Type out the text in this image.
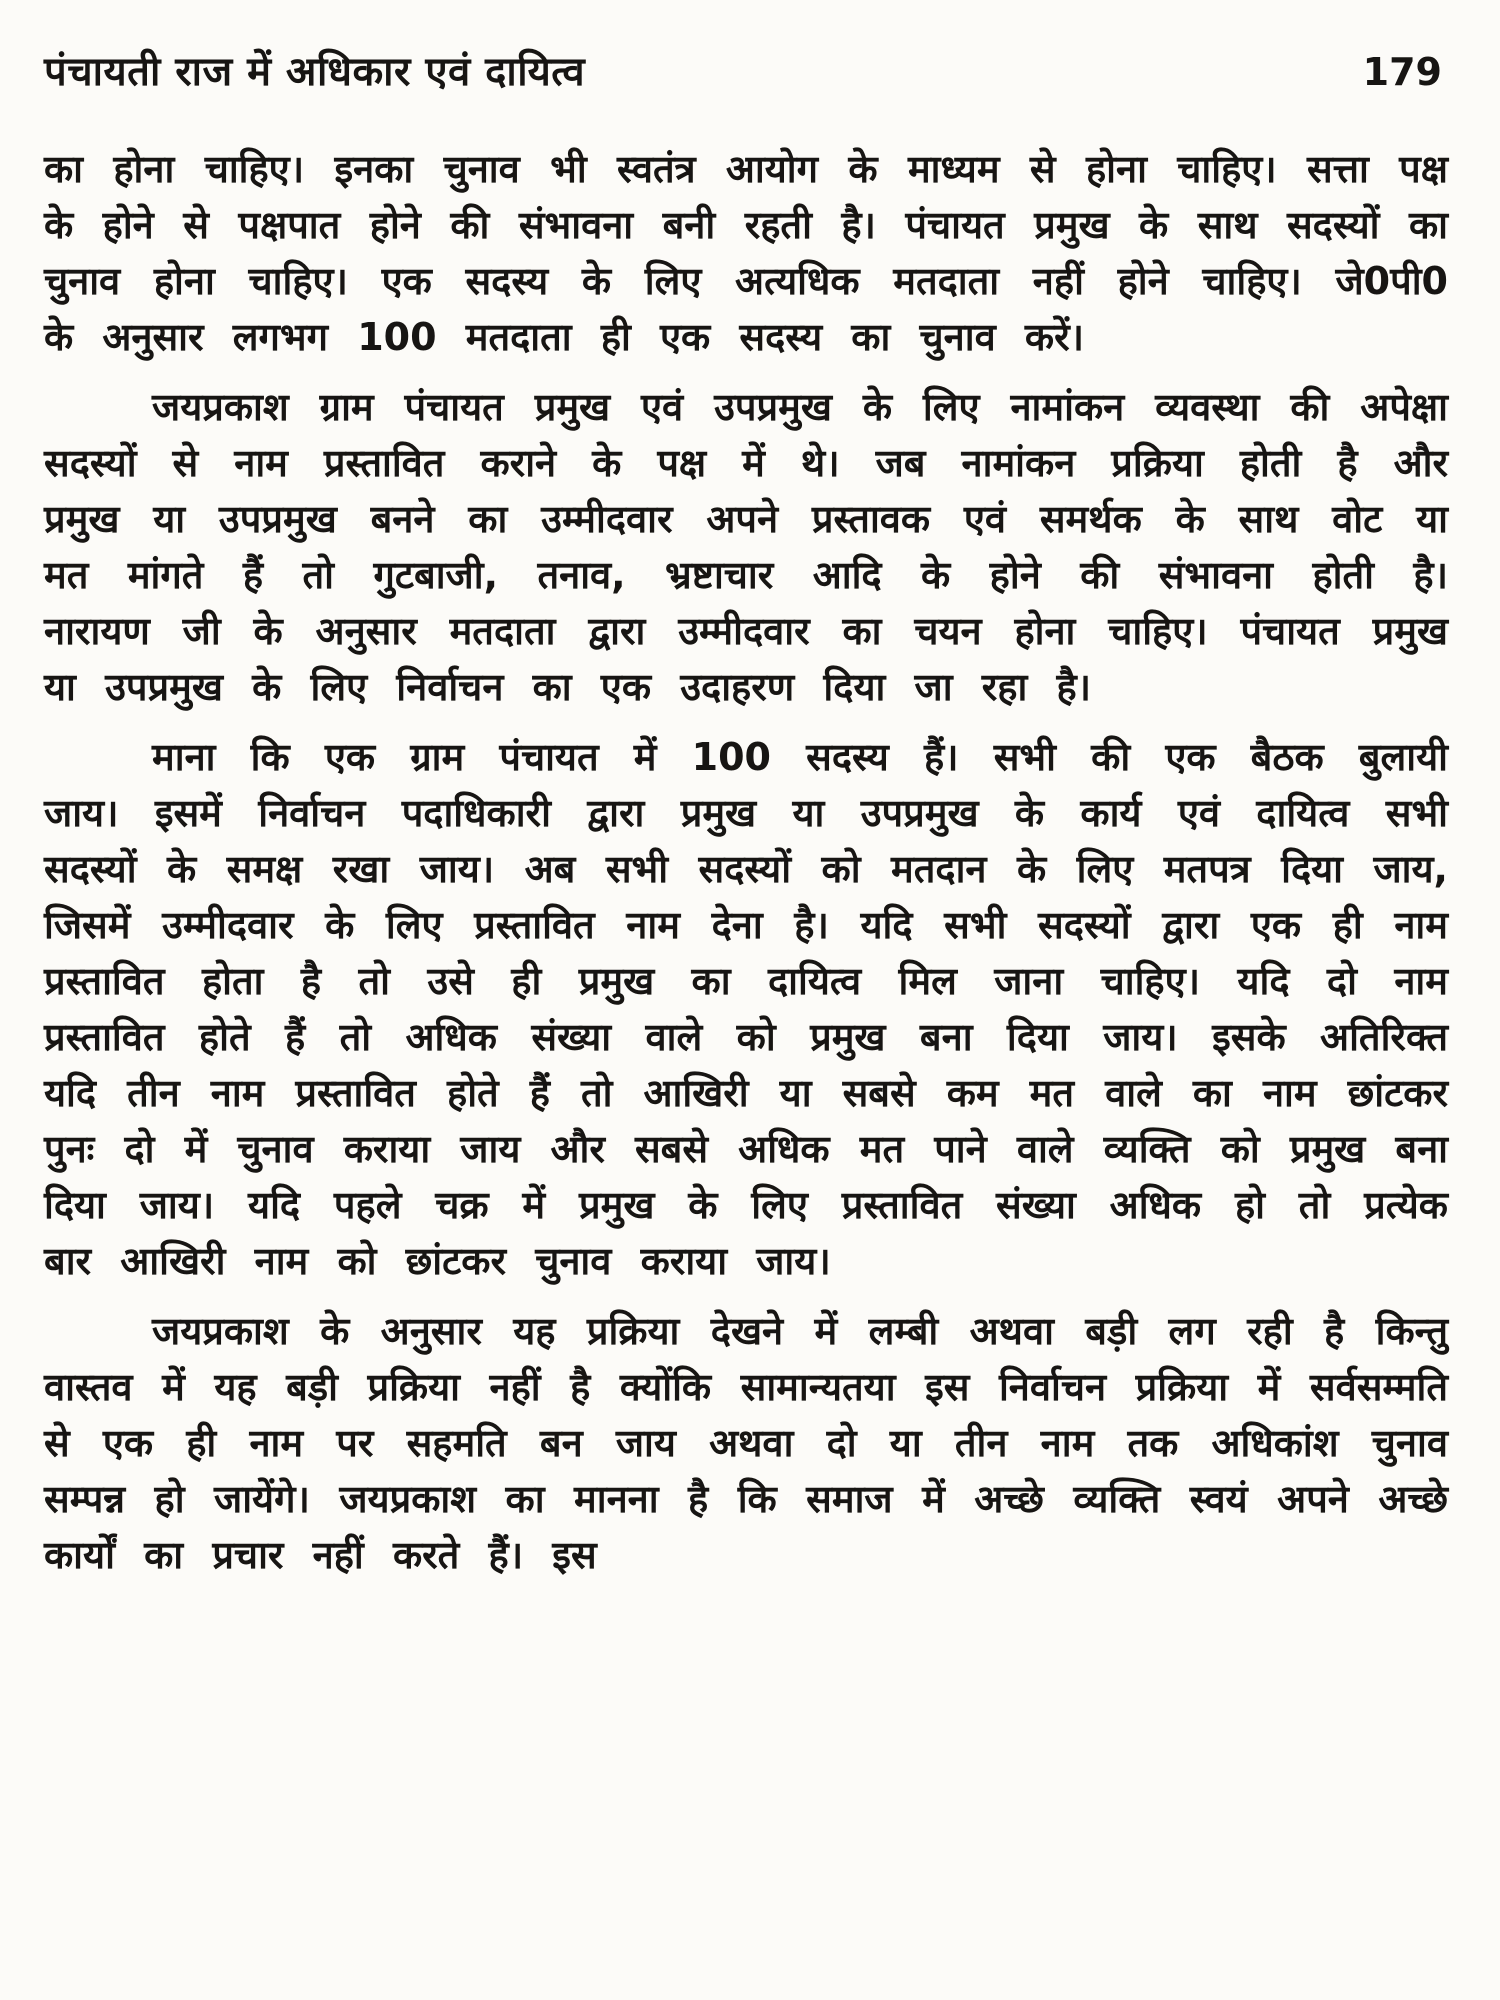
पंचायती राज में अधिकार एवं दायित्व	179

का होना चाहिए। इनका चुनाव भी स्वतंत्र आयोग के माध्यम से होना चाहिए। सत्ता पक्ष के होने से पक्षपात होने की संभावना बनी रहती है। पंचायत प्रमुख के साथ सदस्यों का चुनाव होना चाहिए। एक सदस्य के लिए अत्यधिक मतदाता नहीं होने चाहिए। जे0पी0 के अनुसार लगभग 100 मतदाता ही एक सदस्य का चुनाव करें।

जयप्रकाश ग्राम पंचायत प्रमुख एवं उपप्रमुख के लिए नामांकन व्यवस्था की अपेक्षा सदस्यों से नाम प्रस्तावित कराने के पक्ष में थे। जब नामांकन प्रक्रिया होती है और प्रमुख या उपप्रमुख बनने का उम्मीदवार अपने प्रस्तावक एवं समर्थक के साथ वोट या मत मांगते हैं तो गुटबाजी, तनाव, भ्रष्टाचार आदि के होने की संभावना होती है। नारायण जी के अनुसार मतदाता द्वारा उम्मीदवार का चयन होना चाहिए। पंचायत प्रमुख या उपप्रमुख के लिए निर्वाचन का एक उदाहरण दिया जा रहा है।

माना कि एक ग्राम पंचायत में 100 सदस्य हैं। सभी की एक बैठक बुलायी जाय। इसमें निर्वाचन पदाधिकारी द्वारा प्रमुख या उपप्रमुख के कार्य एवं दायित्व सभी सदस्यों के समक्ष रखा जाय। अब सभी सदस्यों को मतदान के लिए मतपत्र दिया जाय, जिसमें उम्मीदवार के लिए प्रस्तावित नाम देना है। यदि सभी सदस्यों द्वारा एक ही नाम प्रस्तावित होता है तो उसे ही प्रमुख का दायित्व मिल जाना चाहिए। यदि दो नाम प्रस्तावित होते हैं तो अधिक संख्या वाले को प्रमुख बना दिया जाय। इसके अतिरिक्त यदि तीन नाम प्रस्तावित होते हैं तो आखिरी या सबसे कम मत वाले का नाम छांटकर पुनः दो में चुनाव कराया जाय और सबसे अधिक मत पाने वाले व्यक्ति को प्रमुख बना दिया जाय। यदि पहले चक्र में प्रमुख के लिए प्रस्तावित संख्या अधिक हो तो प्रत्येक बार आखिरी नाम को छांटकर चुनाव कराया जाय।

जयप्रकाश के अनुसार यह प्रक्रिया देखने में लम्बी अथवा बड़ी लग रही है किन्तु वास्तव में यह बड़ी प्रक्रिया नहीं है क्योंकि सामान्यतया इस निर्वाचन प्रक्रिया में सर्वसम्मति से एक ही नाम पर सहमति बन जाय अथवा दो या तीन नाम तक अधिकांश चुनाव सम्पन्न हो जायेंगे। जयप्रकाश का मानना है कि समाज में अच्छे व्यक्ति स्वयं अपने अच्छे कार्यों का प्रचार नहीं करते हैं। इस
